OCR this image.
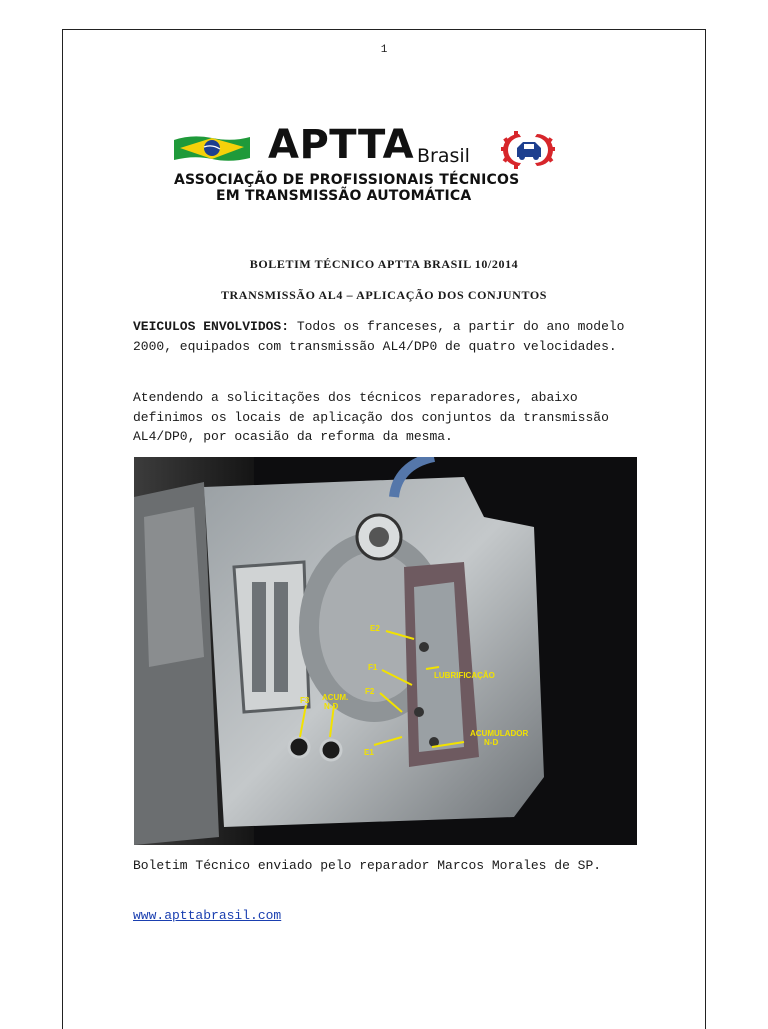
1
APTTA Brasil
ASSOCIAÇÃO DE PROFISSIONAIS TÉCNICOS
EM TRANSMISSÃO AUTOMÁTICA
BOLETIM TÉCNICO APTTA BRASIL 10/2014
TRANSMISSÃO AL4 – APLICAÇÃO DOS CONJUNTOS

VEICULOS ENVOLVIDOS: Todos os franceses, a partir do ano modelo 2000, equipados com transmissão AL4/DP0 de quatro velocidades.

Atendendo a solicitações dos técnicos reparadores, abaixo definimos os locais de aplicação dos conjuntos da transmissão AL4/DP0, por ocasião da reforma da mesma.

E2
F1
F2
E1
F3 ACUM.
N-D
LUBRIFICAÇÃO
ACUMULADOR
N-D
Boletim Técnico enviado pelo reparador Marcos Morales de SP.
www.apttabrasil.com
